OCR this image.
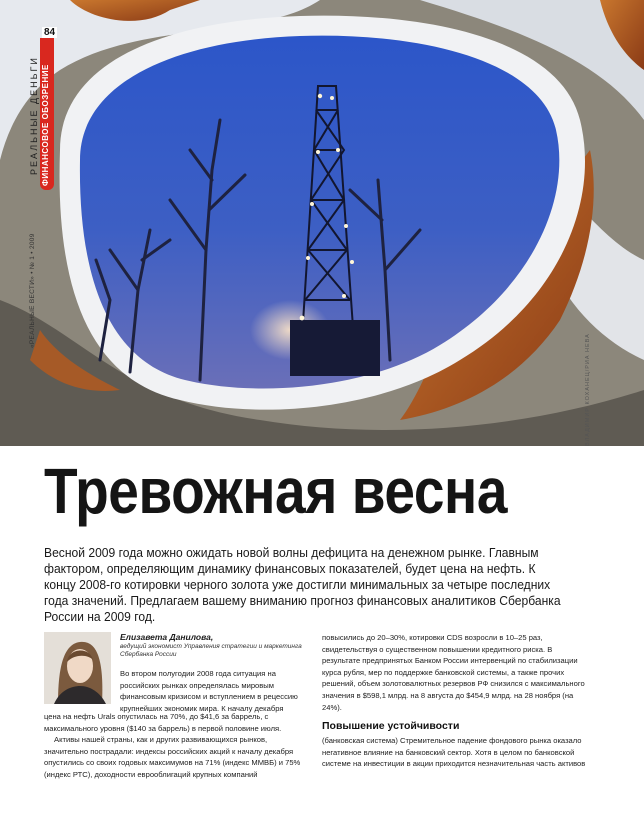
84
РЕАЛЬНЫЕ ДЕНЬГИ ФИНАНСОВОЕ ОБОЗРЕНИЕ
«РЕАЛЬНЫЕ ВЕСТИ» • № 1 • 2009
ВЛАДИМИР КОХАНЕЦ/РИА НЕВА
Тревожная весна

Весной 2009 года можно ожидать новой волны дефицита на денежном рынке. Главным фактором, определяющим динамику финансовых показателей, будет цена на нефть. К концу 2008-го котировки черного золота уже достигли минимальных за четыре последних года значений. Предлагаем вашему вниманию прогноз финансовых аналитиков Сбербанка России на 2009 год.

Елизавета Данилова,
ведущий экономист Управления стратегии и маркетинга Сбербанка России

Во втором полугодии 2008 года ситуация на российских рынках определялась мировым финансовым кризисом и вступлением в рецессию крупнейших экономик мира. К началу декабря

цена на нефть Urals опустилась на 70%, до $41,6 за баррель, с максимального уровня ($140 за баррель) в первой половине июля.

Активы нашей страны, как и других развивающихся рынков, значительно пострадали: индексы российских акций к началу декабря опустились со своих годовых максимумов на 71% (индекс ММВБ) и 75% (индекс РТС), доходности еврооблигаций крупных компаний

повысились до 20–30%, котировки CDS возросли в 10–25 раз, свидетельствуя о существенном повышении кредитного риска. В результате предпринятых Банком России интервенций по стабилизации курса рубля, мер по поддержке банковской системы, а также прочих решений, объем золотовалютных резервов РФ снизился с максимального значения в $598,1 млрд. на 8 августа до $454,9 млрд. на 28 ноября (на 24%).

Повышение устойчивости

(банковская система) Стремительное падение фондового рынка оказало негативное влияние на банковский сектор. Хотя в целом по банковской системе на инвестиции в акции приходится незначительная часть активов
